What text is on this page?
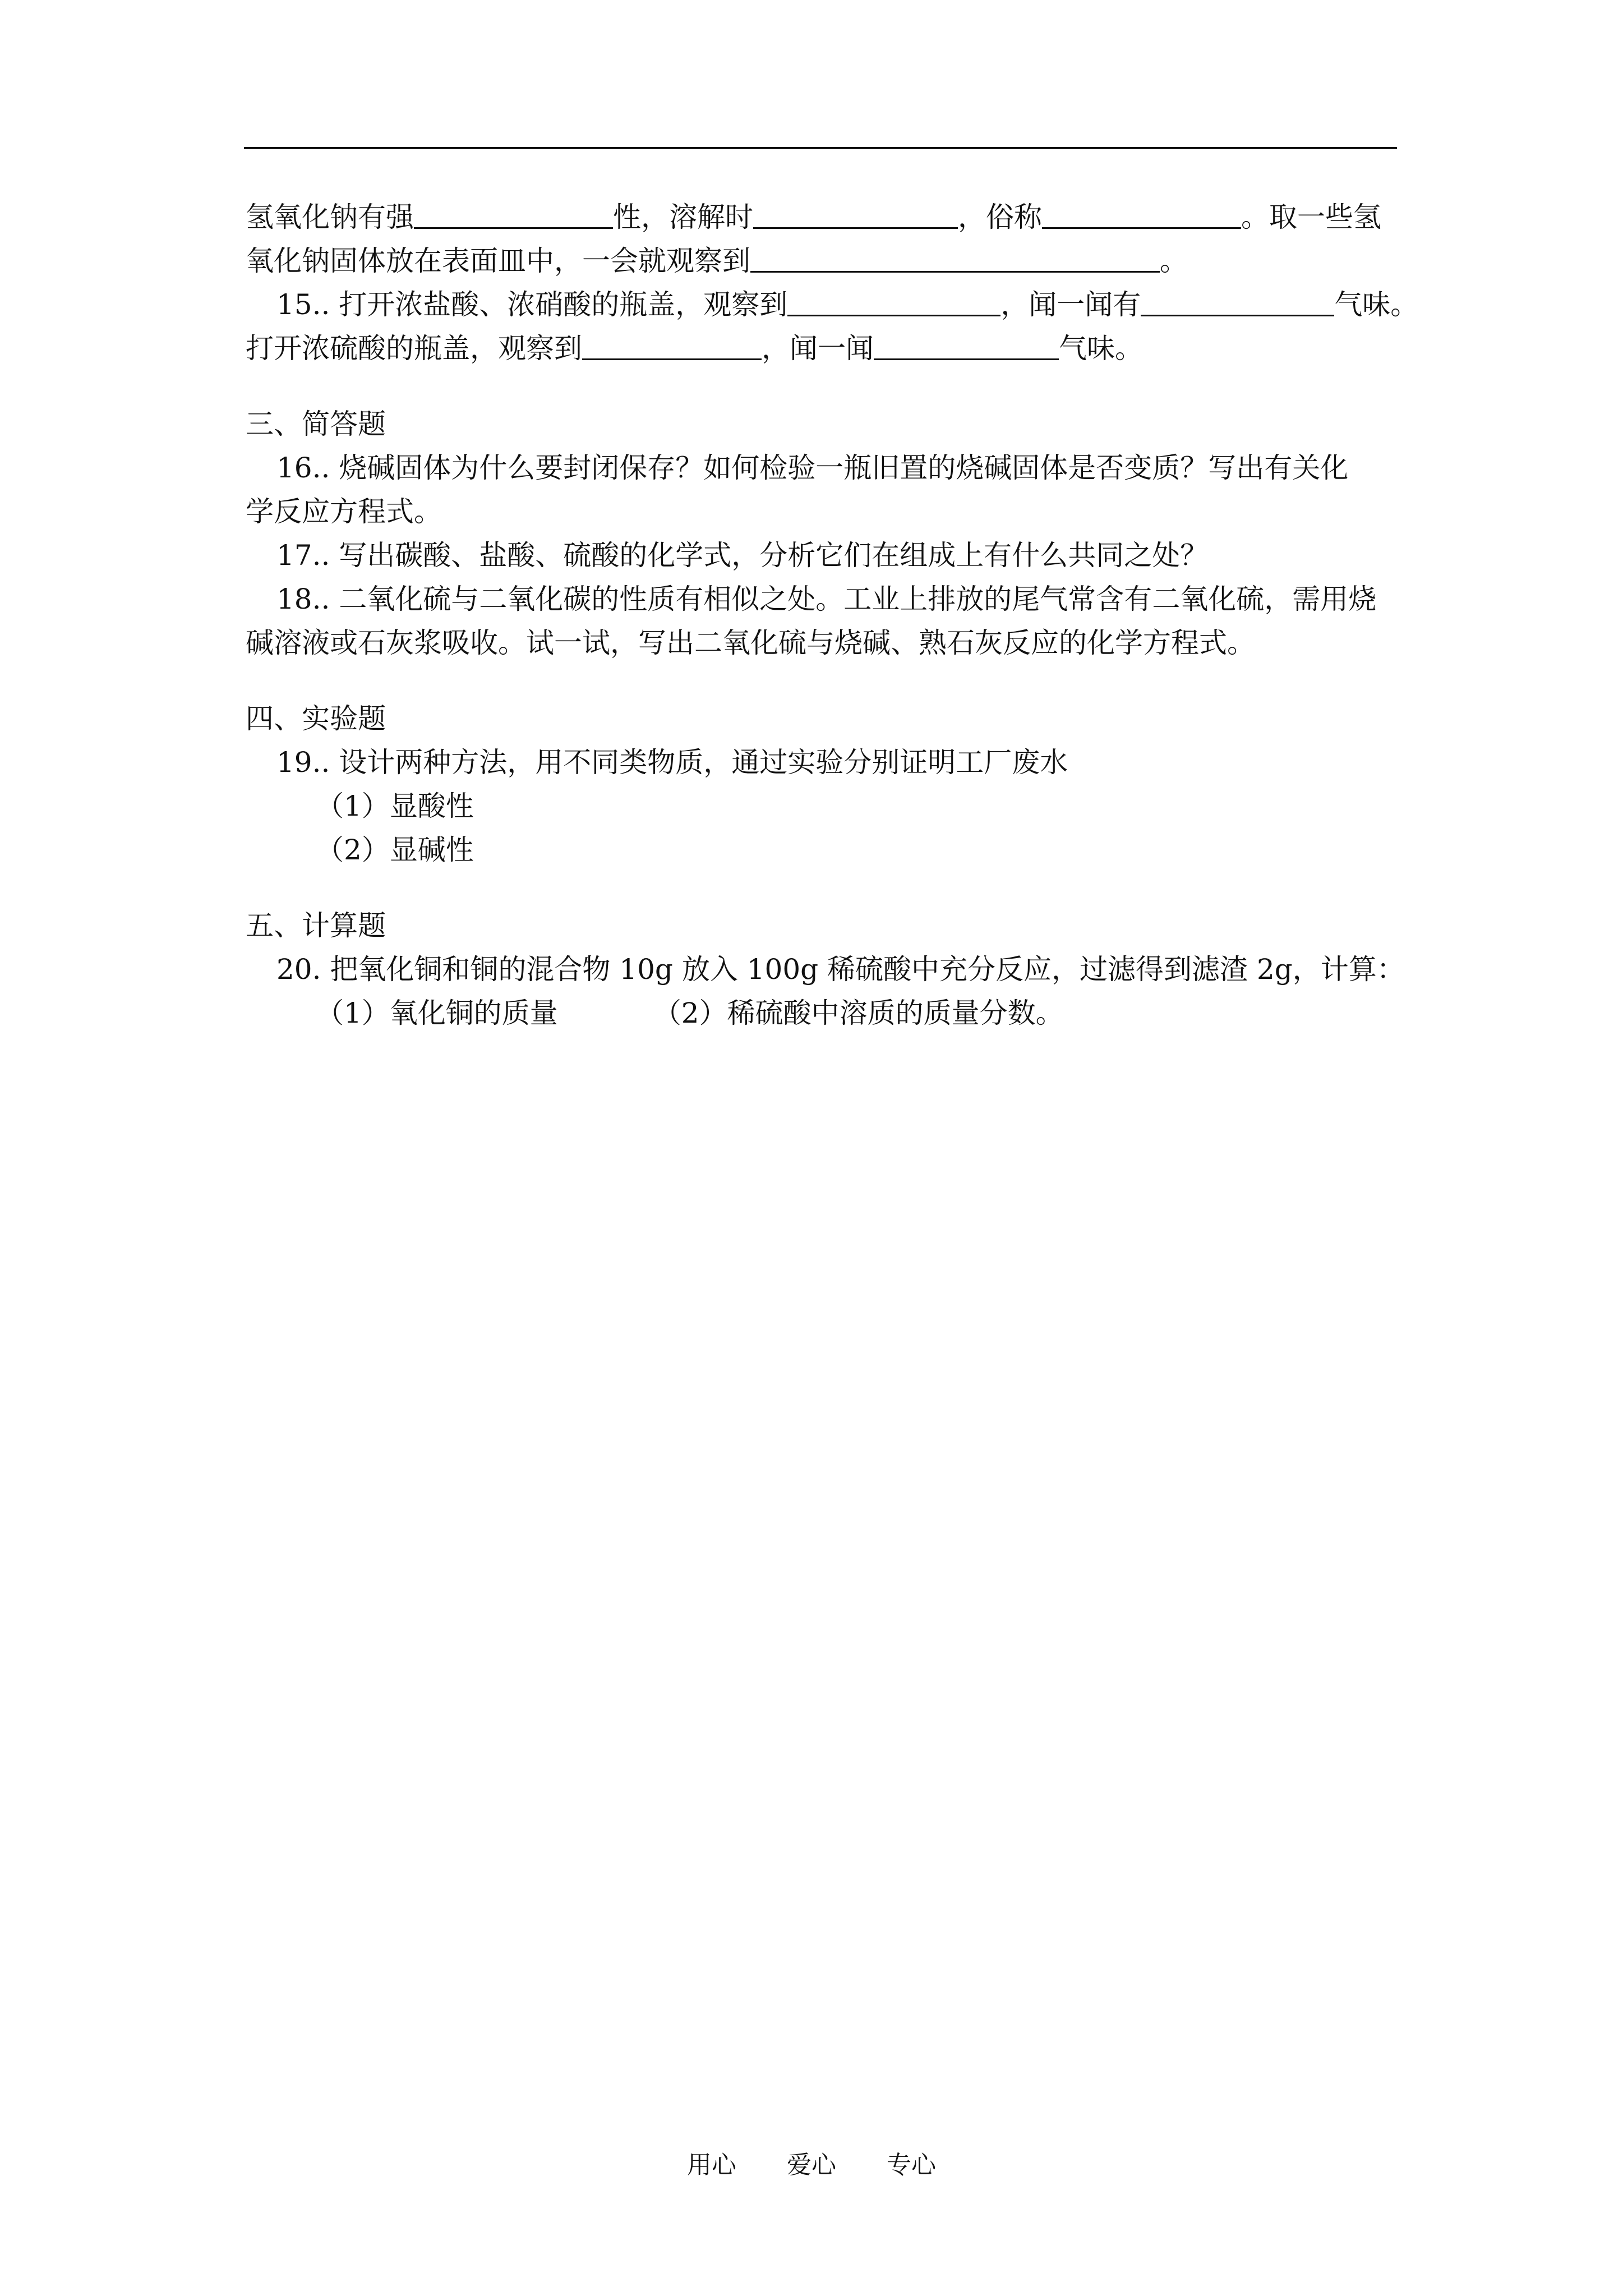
氢氧化钠有强	性，溶解时	，俗称	。取一些氢
氧化钠固体放在表面皿中，一会就观察到	。
15.. 打开浓盐酸、浓硝酸的瓶盖，观察到	，闻一闻有	气味。
打开浓硫酸的瓶盖，观察到	，闻一闻	气味。
三、简答题
16.. 烧碱固体为什么要封闭保存？如何检验一瓶旧置的烧碱固体是否变质？写出有关化
学反应方程式。
17.. 写出碳酸、盐酸、硫酸的化学式，分析它们在组成上有什么共同之处？
18.. 二氧化硫与二氧化碳的性质有相似之处。工业上排放的尾气常含有二氧化硫，需用烧
碱溶液或石灰浆吸收。试一试，写出二氧化硫与烧碱、熟石灰反应的化学方程式。
四、实验题
19.. 设计两种方法，用不同类物质，通过实验分别证明工厂废水
（1）显酸性
（2）显碱性
五、计算题
20. 把氧化铜和铜的混合物 10g 放入 100g 稀硫酸中充分反应，过滤得到滤渣 2g，计算：
（1）氧化铜的质量	（2）稀硫酸中溶质的质量分数。
用心 爱心 专心
